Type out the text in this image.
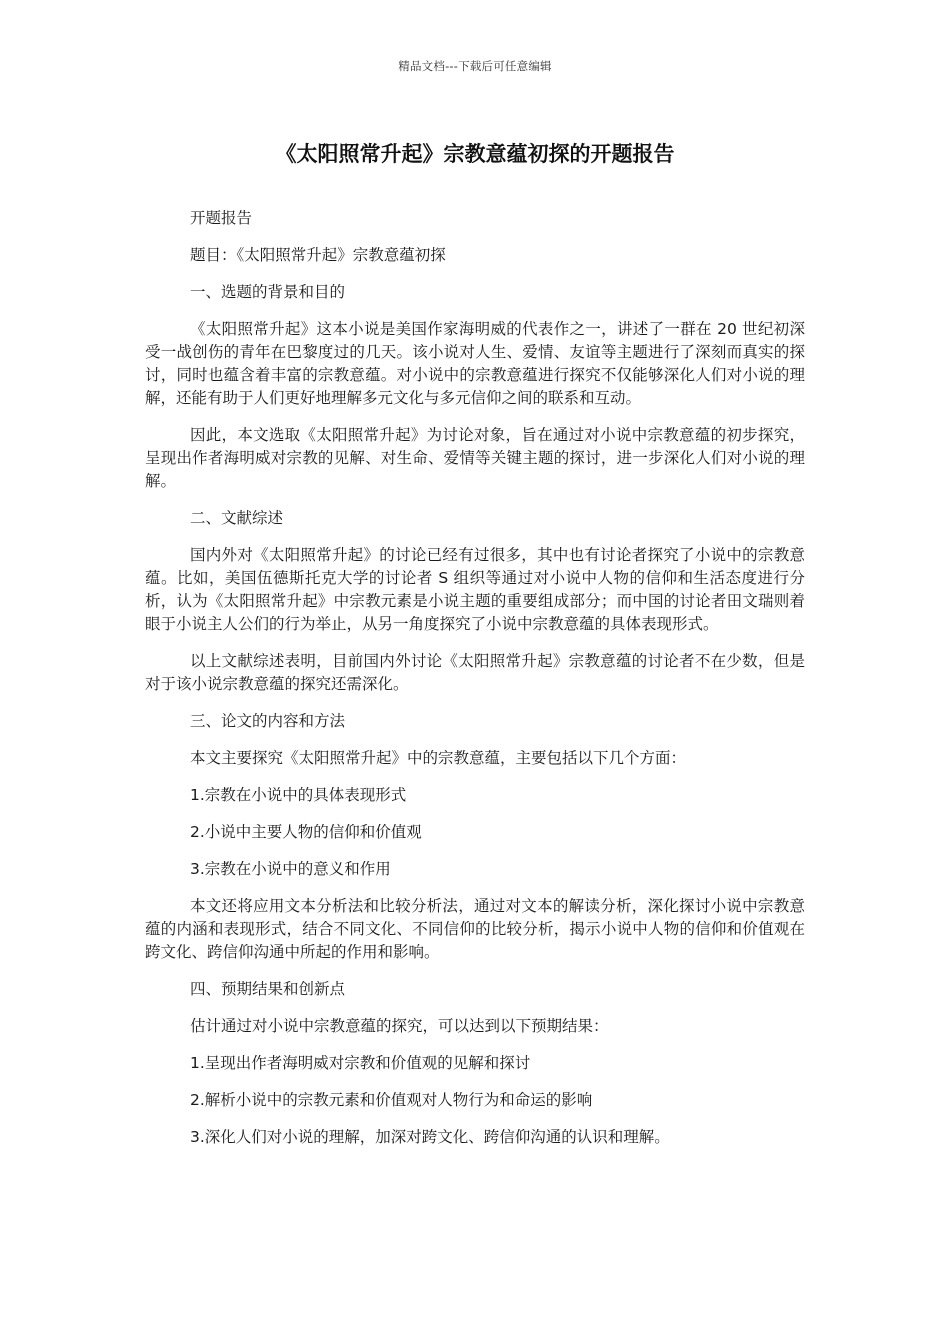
精品文档---下载后可任意编辑
《太阳照常升起》宗教意蕴初探的开题报告

开题报告

题目：《太阳照常升起》宗教意蕴初探

一、选题的背景和目的

《太阳照常升起》这本小说是美国作家海明威的代表作之一，讲述了一群在 20 世纪初深受一战创伤的青年在巴黎度过的几天。该小说对人生、爱情、友谊等主题进行了深刻而真实的探讨，同时也蕴含着丰富的宗教意蕴。对小说中的宗教意蕴进行探究不仅能够深化人们对小说的理解，还能有助于人们更好地理解多元文化与多元信仰之间的联系和互动。

因此，本文选取《太阳照常升起》为讨论对象，旨在通过对小说中宗教意蕴的初步探究，呈现出作者海明威对宗教的见解、对生命、爱情等关键主题的探讨，进一步深化人们对小说的理解。

二、文献综述

国内外对《太阳照常升起》的讨论已经有过很多，其中也有讨论者探究了小说中的宗教意蕴。比如，美国伍德斯托克大学的讨论者 S 组织等通过对小说中人物的信仰和生活态度进行分析，认为《太阳照常升起》中宗教元素是小说主题的重要组成部分；而中国的讨论者田文瑞则着眼于小说主人公们的行为举止，从另一角度探究了小说中宗教意蕴的具体表现形式。

以上文献综述表明，目前国内外讨论《太阳照常升起》宗教意蕴的讨论者不在少数，但是对于该小说宗教意蕴的探究还需深化。

三、论文的内容和方法

本文主要探究《太阳照常升起》中的宗教意蕴，主要包括以下几个方面：

1.宗教在小说中的具体表现形式

2.小说中主要人物的信仰和价值观

3.宗教在小说中的意义和作用

本文还将应用文本分析法和比较分析法，通过对文本的解读分析，深化探讨小说中宗教意蕴的内涵和表现形式，结合不同文化、不同信仰的比较分析，揭示小说中人物的信仰和价值观在跨文化、跨信仰沟通中所起的作用和影响。

四、预期结果和创新点

估计通过对小说中宗教意蕴的探究，可以达到以下预期结果：

1.呈现出作者海明威对宗教和价值观的见解和探讨

2.解析小说中的宗教元素和价值观对人物行为和命运的影响

3.深化人们对小说的理解，加深对跨文化、跨信仰沟通的认识和理解。
